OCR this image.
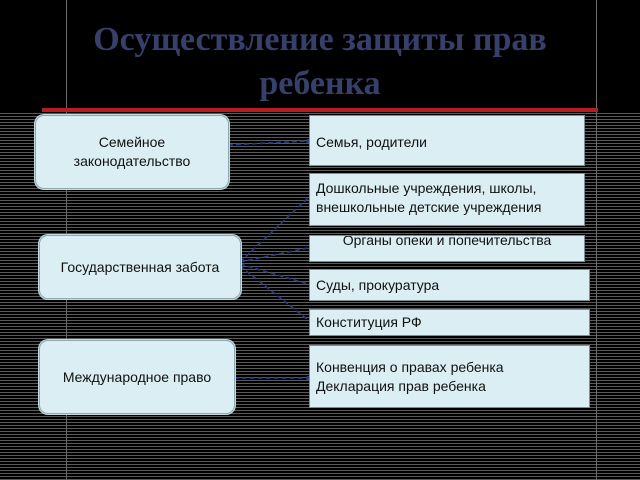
Осуществление защиты прав ребенка
Семейное законодательство
Государственная забота
Международное право
Семья, родители
Дошкольные учреждения, школы, внешкольные детские учреждения
Органы опеки и попечительства
Суды, прокуратура
Конституция РФ
Конвенция о правах ребенка
Декларация прав ребенка
